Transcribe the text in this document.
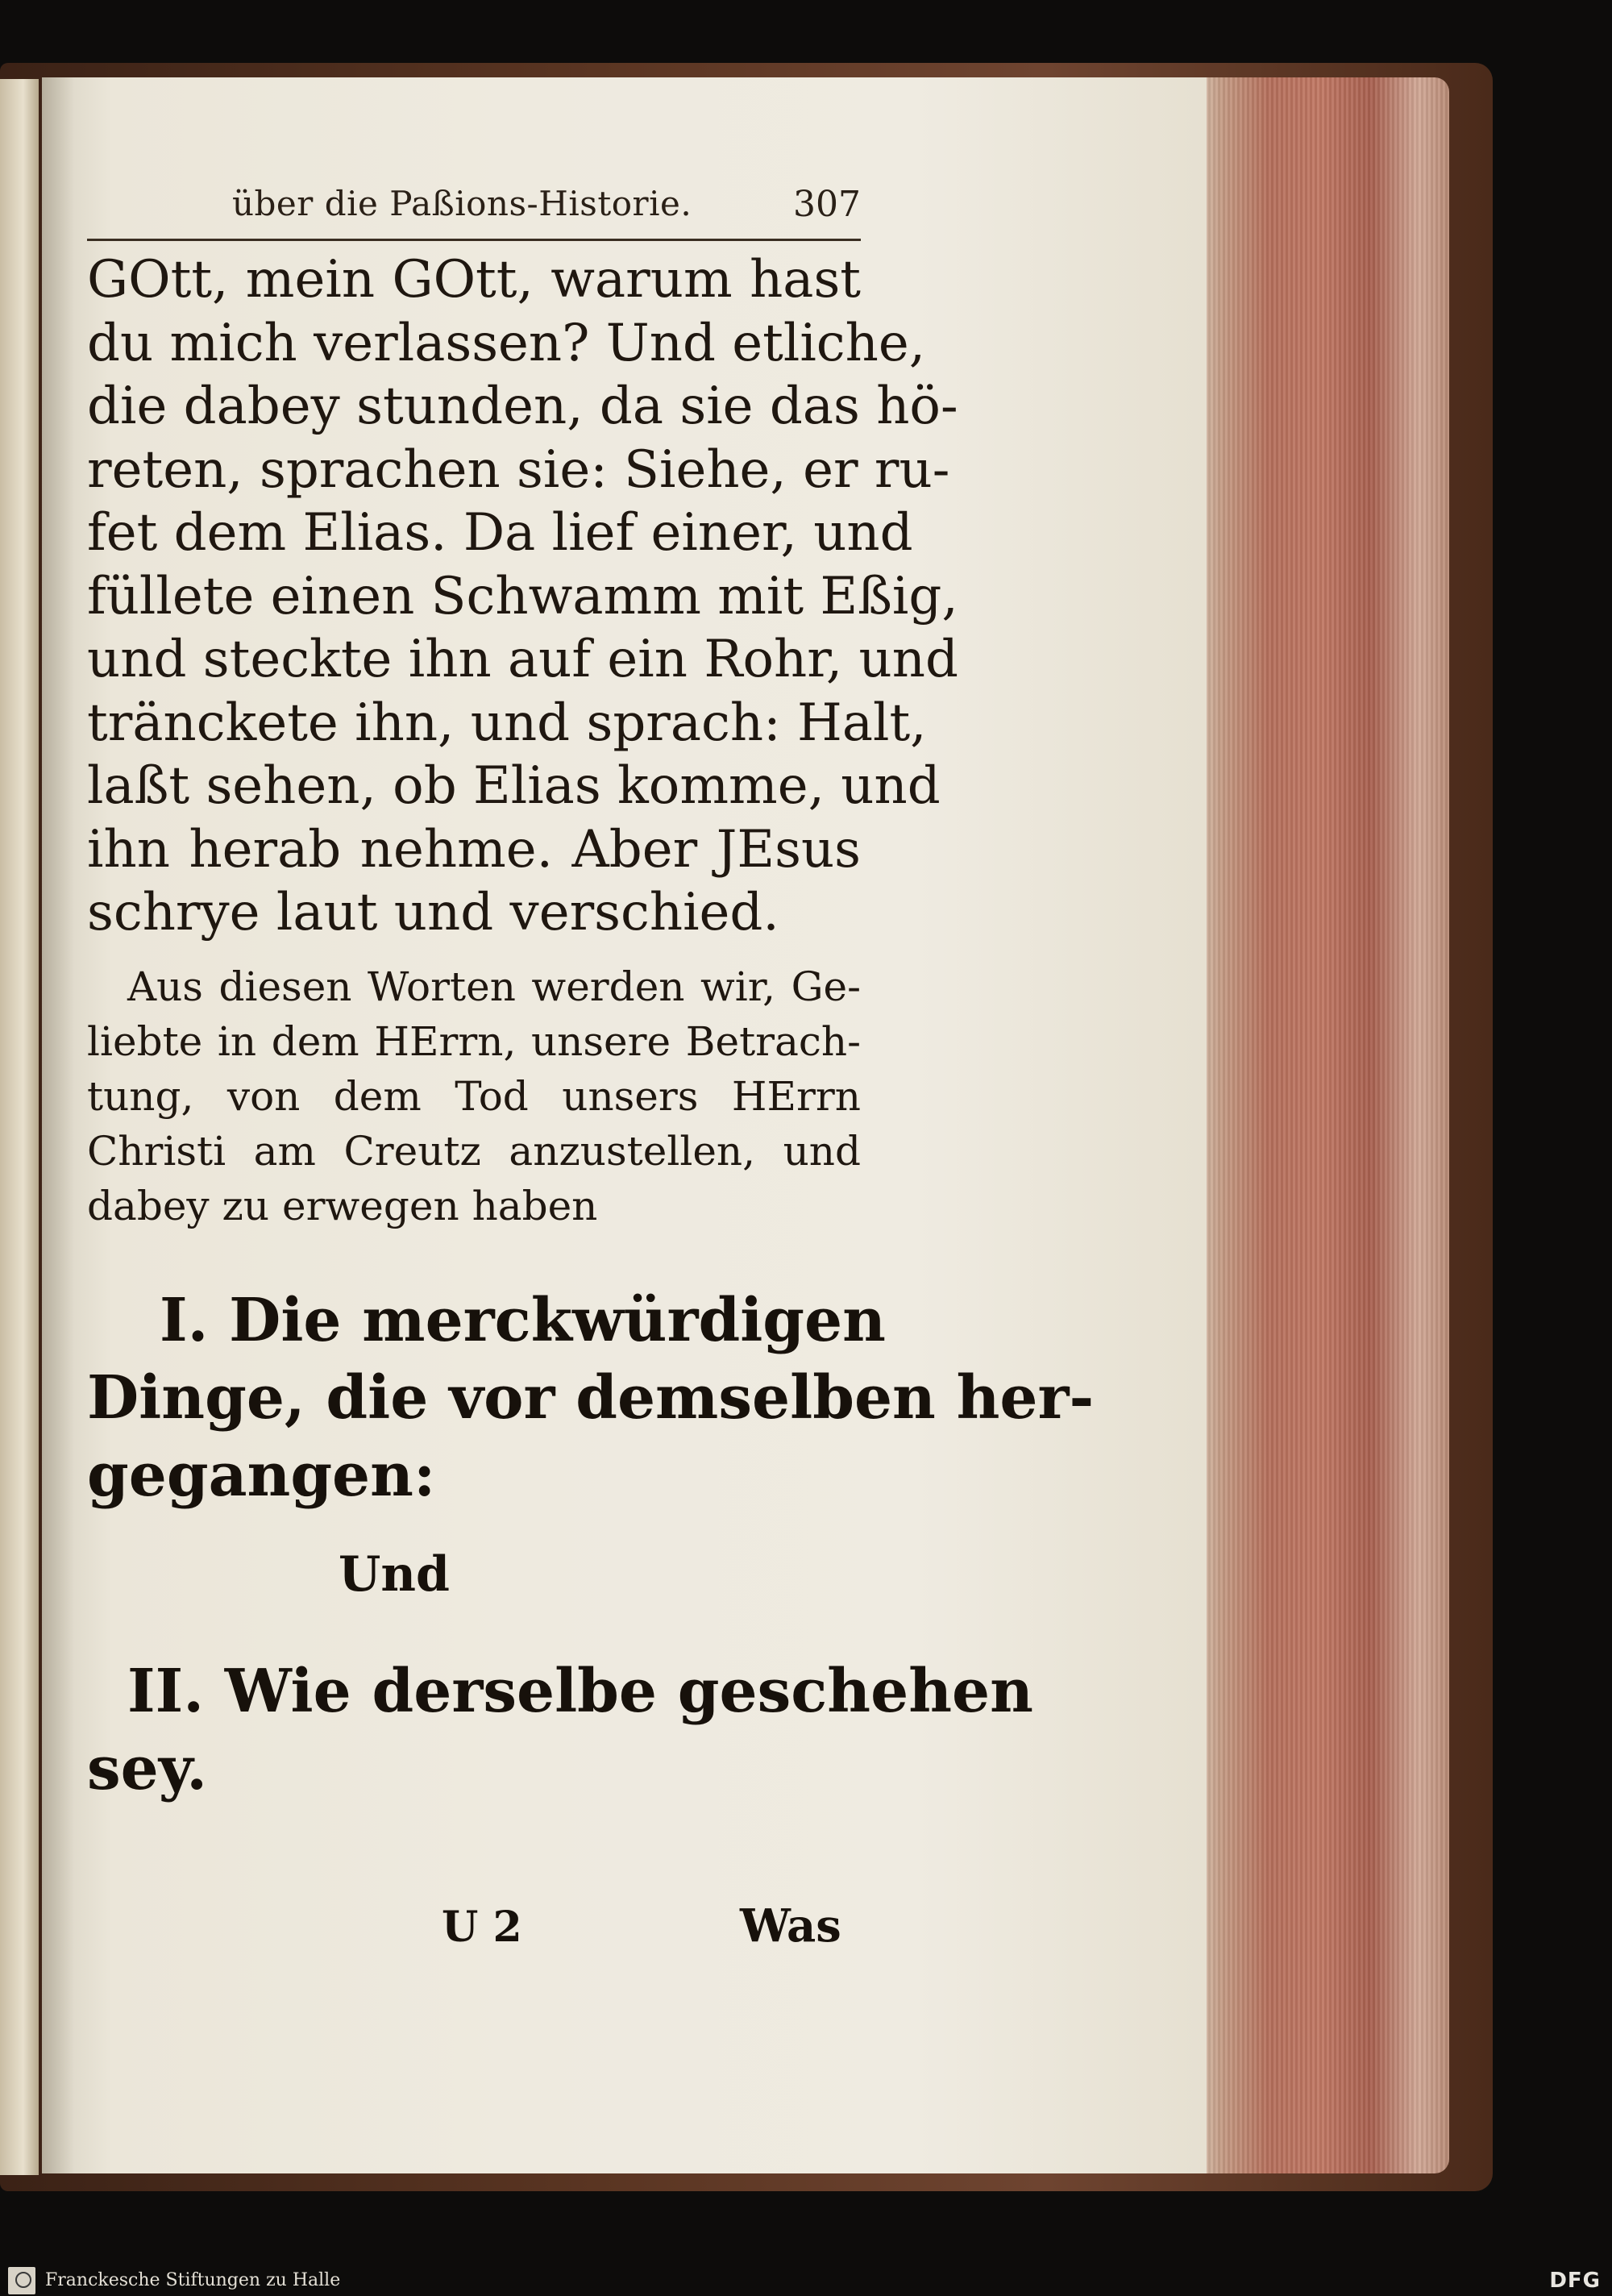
über die Paßions-Historie.	307
GOtt, mein GOtt, warum hast
du mich verlassen? Und etliche,
die dabey stunden, da sie das hö-
reten, sprachen sie: Siehe, er ru-
fet dem Elias. Da lief einer, und
füllete einen Schwamm mit Eßig,
und steckte ihn auf ein Rohr, und
tränckete ihn, und sprach: Halt,
laßt sehen, ob Elias komme, und
ihn herab nehme. Aber JEsus
schrye laut und verschied.
Aus diesen Worten werden wir, Ge-
liebte in dem HErrn, unsere Betrach-
tung, von dem Tod unsers HErrn
Christi am Creutz anzustellen, und
dabey zu erwegen haben
I. Die merckwürdigen
Dinge, die vor demselben her-
gegangen:
Und
II. Wie derselbe geschehen
sey.
U 2	Was
Franckesche Stiftungen zu Halle	DFG
